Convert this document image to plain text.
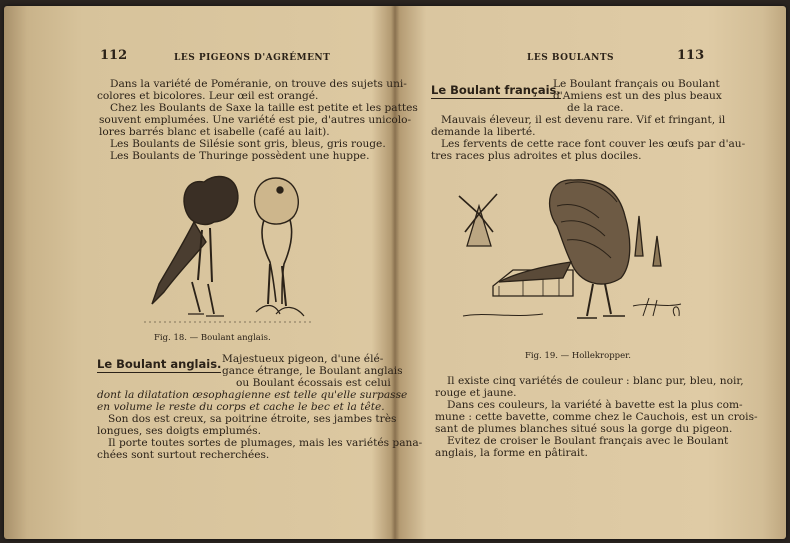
112	LES PIGEONS D'AGRÉMENT
Dans la variété de Poméranie, on trouve des sujets uni-
colores et bicolores. Leur œil est orangé.
Chez les Boulants de Saxe la taille est petite et les pattes
souvent emplumées. Une variété est pie, d'autres unicolo-
lores barrés blanc et isabelle (café au lait).
Les Boulants de Silésie sont gris, bleus, gris rouge.
Les Boulants de Thuringe possèdent une huppe.
Fig. 18. — Boulant anglais.
Le Boulant anglais. Majestueux pigeon, d'une élé-
gance étrange, le Boulant anglais
ou Boulant écossais est celui
dont la dilatation œsophagienne est telle qu'elle surpasse
en volume le reste du corps et cache le bec et la tête.
Son dos est creux, sa poitrine étroite, ses jambes très
longues, ses doigts emplumés.
Il porte toutes sortes de plumages, mais les variétés pana-
chées sont surtout recherchées.
113
LES BOULANTS
Le Boulant français.
Le Boulant français ou Boulant
d'Amiens est un des plus beaux
de la race.
Mauvais éleveur, il est devenu rare. Vif et fringant, il
demande la liberté.
Les fervents de cette race font couver les œufs par d'au-
tres races plus adroites et plus dociles.
Fig. 19. — Hollekropper.
Il existe cinq variétés de couleur : blanc pur, bleu, noir,
rouge et jaune.
Dans ces couleurs, la variété à bavette est la plus com-
mune : cette bavette, comme chez le Cauchois, est un crois-
sant de plumes blanches situé sous la gorge du pigeon.
Evitez de croiser le Boulant français avec le Boulant
anglais, la forme en pâtirait.
